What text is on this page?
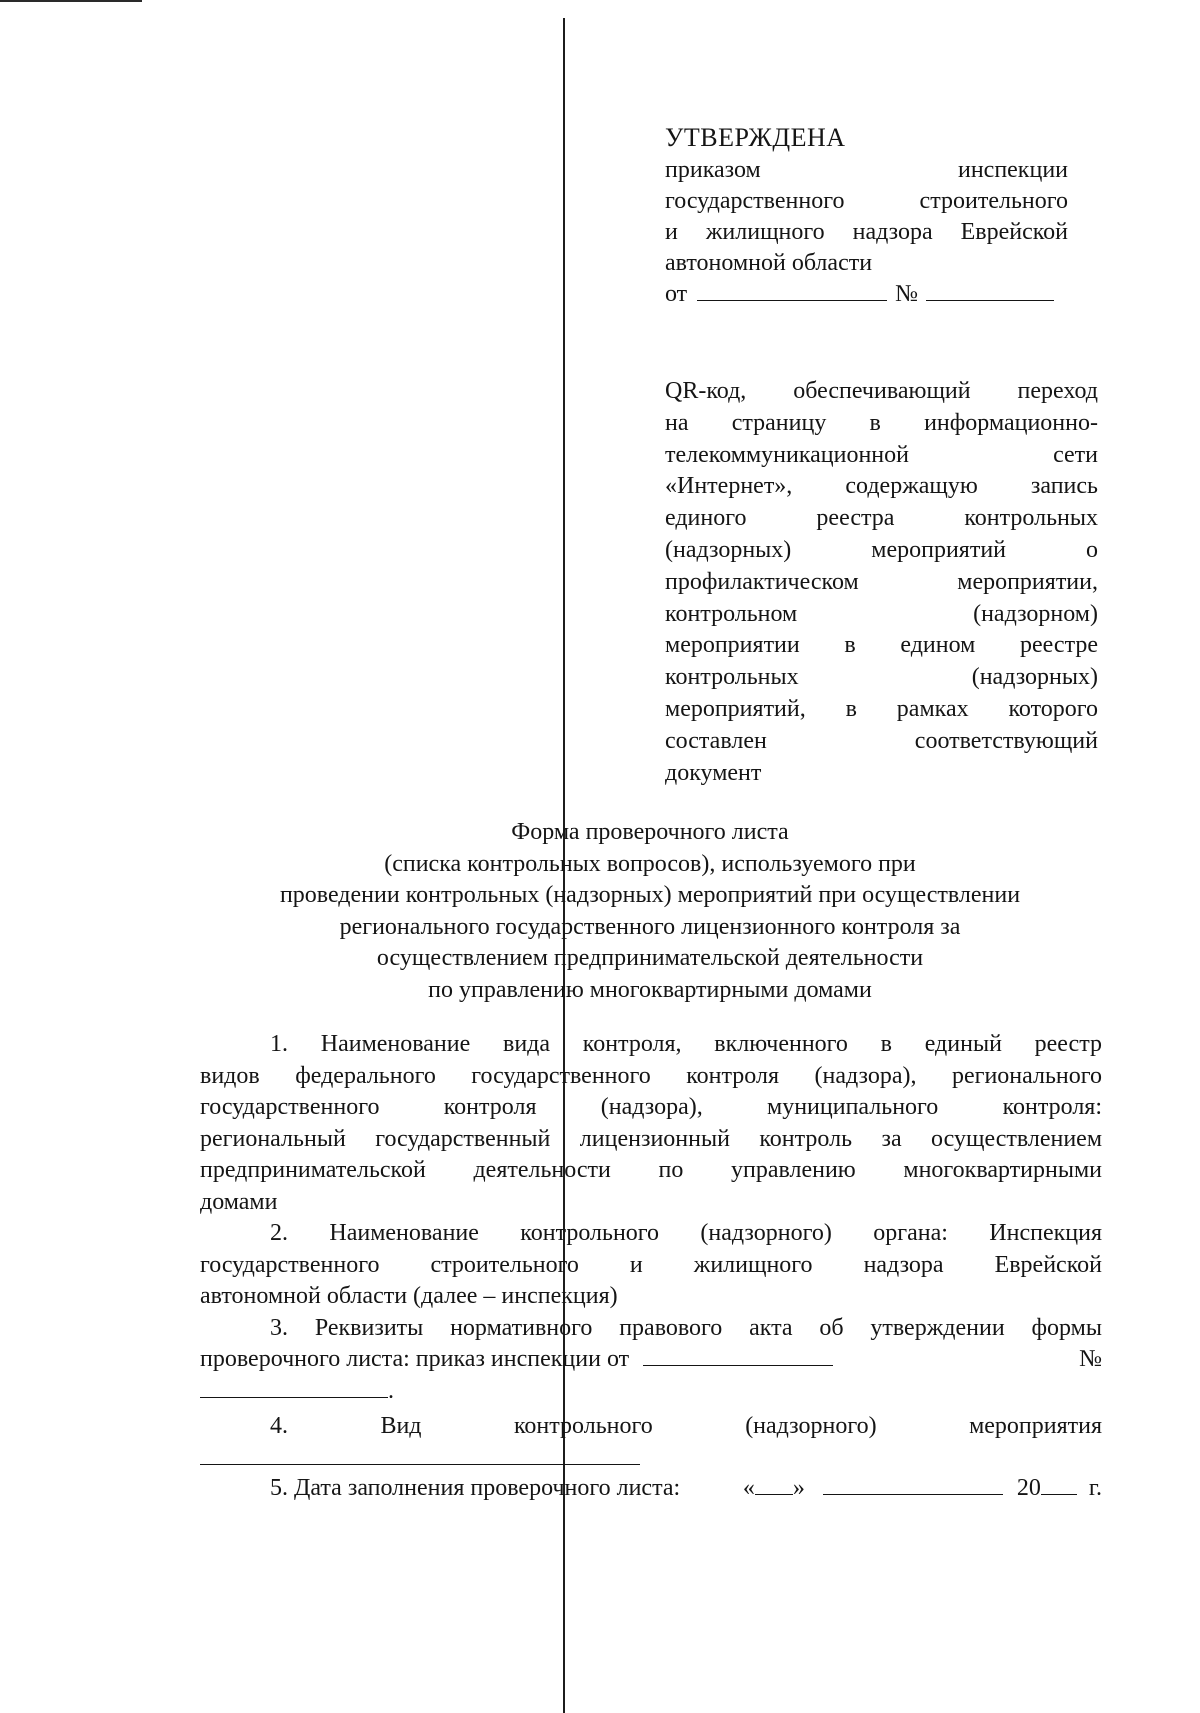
УТВЕРЖДЕНА
приказом инспекции
государственного строительного
и жилищного надзора Еврейской
автономной области
от	№

QR-код, обеспечивающий переход

на страницу в информационно-

телекоммуникационной сети

«Интернет», содержащую запись

единого реестра контрольных

(надзорных) мероприятий о

профилактическом мероприятии,

контрольном (надзорном)

мероприятии в едином реестре

контрольных (надзорных)

мероприятий, в рамках которого

составлен соответствующий

документ

Форма проверочного листа
(списка контрольных вопросов), используемого при
проведении контрольных (надзорных) мероприятий при осуществлении
регионального государственного лицензионного контроля за
осуществлением предпринимательской деятельности
по управлению многоквартирными домами
1. Наименование вида контроля, включенного в единый реестр
видов федерального государственного контроля (надзора), регионального
государственного контроля (надзора), муниципального контроля:
региональный государственный лицензионный контроль за осуществлением
предпринимательской деятельности по управлению многоквартирными
домами
2. Наименование контрольного (надзорного) органа: Инспекция
государственного строительного и жилищного надзора Еврейской
автономной области (далее – инспекция)
3. Реквизиты нормативного правового акта об утверждении формы
проверочного листа: приказ инспекции от	№
.
4.	Вид	контрольного	(надзорного)	мероприятия
5. Дата заполнения проверочного листа:	« »	20 г.
